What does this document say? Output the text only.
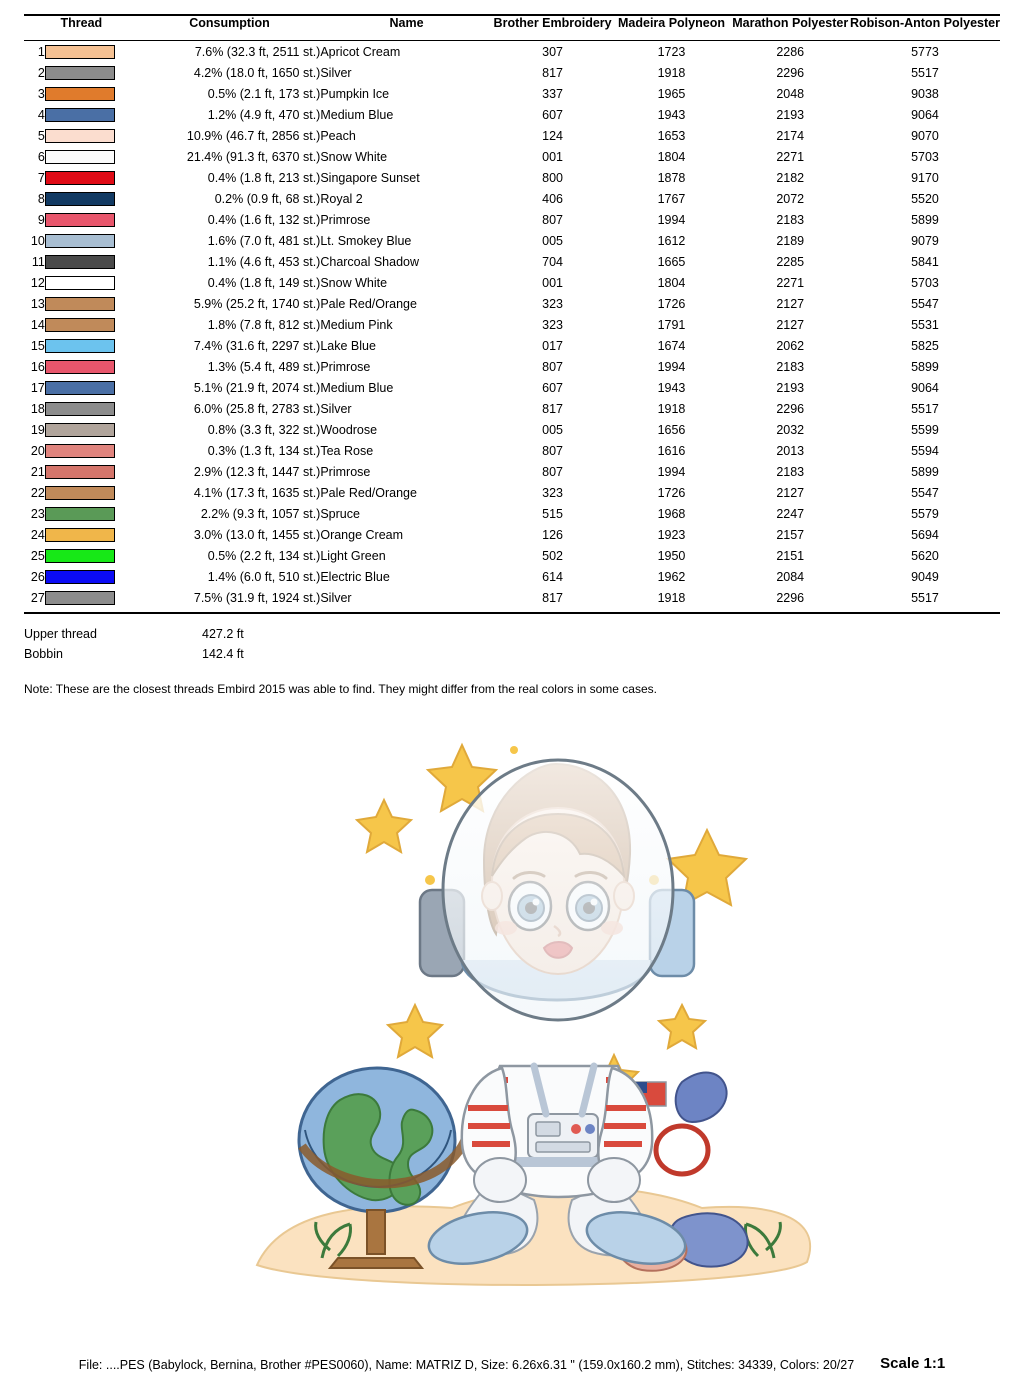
Thread		Consumption	Name	Brother Embroidery	Madeira Polyneon	Marathon Polyester	Robison-Anton Polyester

1		7.6% (32.3 ft, 2511 st.)	Apricot Cream	307	1723	2286	5773
2		4.2% (18.0 ft, 1650 st.)	Silver	817	1918	2296	5517
3		0.5% (2.1 ft, 173 st.)	Pumpkin Ice	337	1965	2048	9038
4		1.2% (4.9 ft, 470 st.)	Medium Blue	607	1943	2193	9064
5		10.9% (46.7 ft, 2856 st.)	Peach	124	1653	2174	9070
6		21.4% (91.3 ft, 6370 st.)	Snow White	001	1804	2271	5703
7		0.4% (1.8 ft, 213 st.)	Singapore Sunset	800	1878	2182	9170
8		0.2% (0.9 ft, 68 st.)	Royal 2	406	1767	2072	5520
9		0.4% (1.6 ft, 132 st.)	Primrose	807	1994	2183	5899
10		1.6% (7.0 ft, 481 st.)	Lt. Smokey Blue	005	1612	2189	9079
11		1.1% (4.6 ft, 453 st.)	Charcoal Shadow	704	1665	2285	5841
12		0.4% (1.8 ft, 149 st.)	Snow White	001	1804	2271	5703
13		5.9% (25.2 ft, 1740 st.)	Pale Red/Orange	323	1726	2127	5547
14		1.8% (7.8 ft, 812 st.)	Medium Pink	323	1791	2127	5531
15		7.4% (31.6 ft, 2297 st.)	Lake Blue	017	1674	2062	5825
16		1.3% (5.4 ft, 489 st.)	Primrose	807	1994	2183	5899
17		5.1% (21.9 ft, 2074 st.)	Medium Blue	607	1943	2193	9064
18		6.0% (25.8 ft, 2783 st.)	Silver	817	1918	2296	5517
19		0.8% (3.3 ft, 322 st.)	Woodrose	005	1656	2032	5599
20		0.3% (1.3 ft, 134 st.)	Tea Rose	807	1616	2013	5594
21		2.9% (12.3 ft, 1447 st.)	Primrose	807	1994	2183	5899
22		4.1% (17.3 ft, 1635 st.)	Pale Red/Orange	323	1726	2127	5547
23		2.2% (9.3 ft, 1057 st.)	Spruce	515	1968	2247	5579
24		3.0% (13.0 ft, 1455 st.)	Orange Cream	126	1923	2157	5694
25		0.5% (2.2 ft, 134 st.)	Light Green	502	1950	2151	5620
26		1.4% (6.0 ft, 510 st.)	Electric Blue	614	1962	2084	9049
27		7.5% (31.9 ft, 1924 st.)	Silver	817	1918	2296	5517

Upper thread	427.2 ft
Bobbin	142.4 ft
Note: These are the closest threads Embird 2015 was able to find. They might differ from the real colors in some cases.
File: ....PES (Babylock, Bernina, Brother #PES0060), Name: MATRIZ D, Size: 6.26x6.31 " (159.0x160.2 mm), Stitches: 34339, Colors: 20/27 Scale 1:1
